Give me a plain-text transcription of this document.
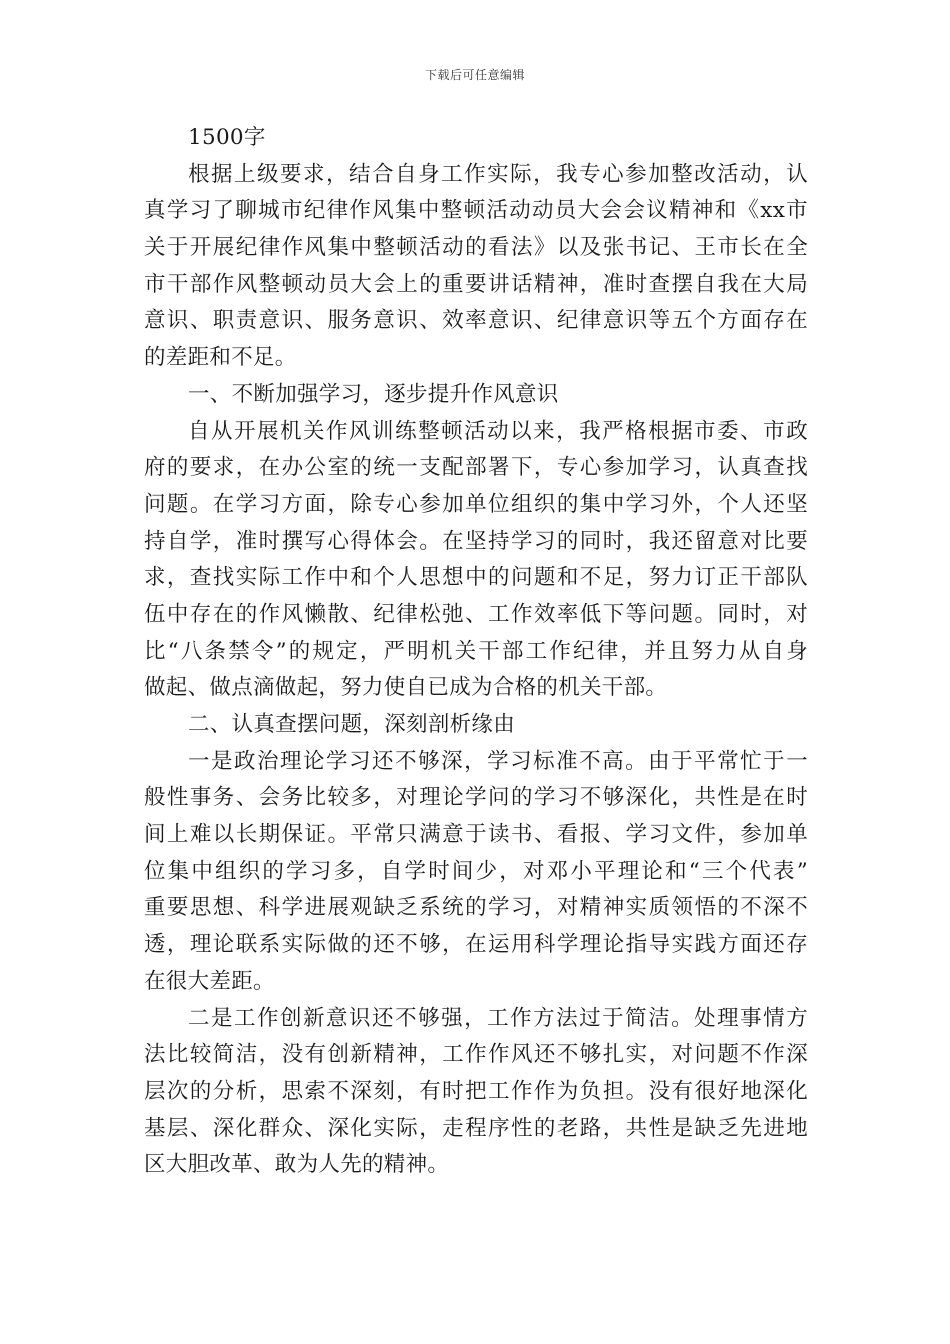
下载后可任意编辑
1500字
根据上级要求，结合自身工作实际，我专心参加整改活动，认
真学习了聊城市纪律作风集中整顿活动动员大会会议精神和《xx市
关于开展纪律作风集中整顿活动的看法》以及张书记、王市长在全
市干部作风整顿动员大会上的重要讲话精神，准时查摆自我在大局
意识、职责意识、服务意识、效率意识、纪律意识等五个方面存在
的差距和不足。
一、不断加强学习，逐步提升作风意识
自从开展机关作风训练整顿活动以来，我严格根据市委、市政
府的要求，在办公室的统一支配部署下，专心参加学习，认真查找
问题。在学习方面，除专心参加单位组织的集中学习外，个人还坚
持自学，准时撰写心得体会。在坚持学习的同时，我还留意对比要
求，查找实际工作中和个人思想中的问题和不足，努力订正干部队
伍中存在的作风懒散、纪律松弛、工作效率低下等问题。同时，对
比“八条禁令”的规定，严明机关干部工作纪律，并且努力从自身
做起、做点滴做起，努力使自已成为合格的机关干部。
二、认真查摆问题，深刻剖析缘由
一是政治理论学习还不够深，学习标准不高。由于平常忙于一
般性事务、会务比较多，对理论学问的学习不够深化，共性是在时
间上难以长期保证。平常只满意于读书、看报、学习文件，参加单
位集中组织的学习多，自学时间少，对邓小平理论和“三个代表”
重要思想、科学进展观缺乏系统的学习，对精神实质领悟的不深不
透，理论联系实际做的还不够，在运用科学理论指导实践方面还存
在很大差距。
二是工作创新意识还不够强，工作方法过于简洁。处理事情方
法比较简洁，没有创新精神，工作作风还不够扎实，对问题不作深
层次的分析，思索不深刻，有时把工作作为负担。没有很好地深化
基层、深化群众、深化实际，走程序性的老路，共性是缺乏先进地
区大胆改革、敢为人先的精神。
